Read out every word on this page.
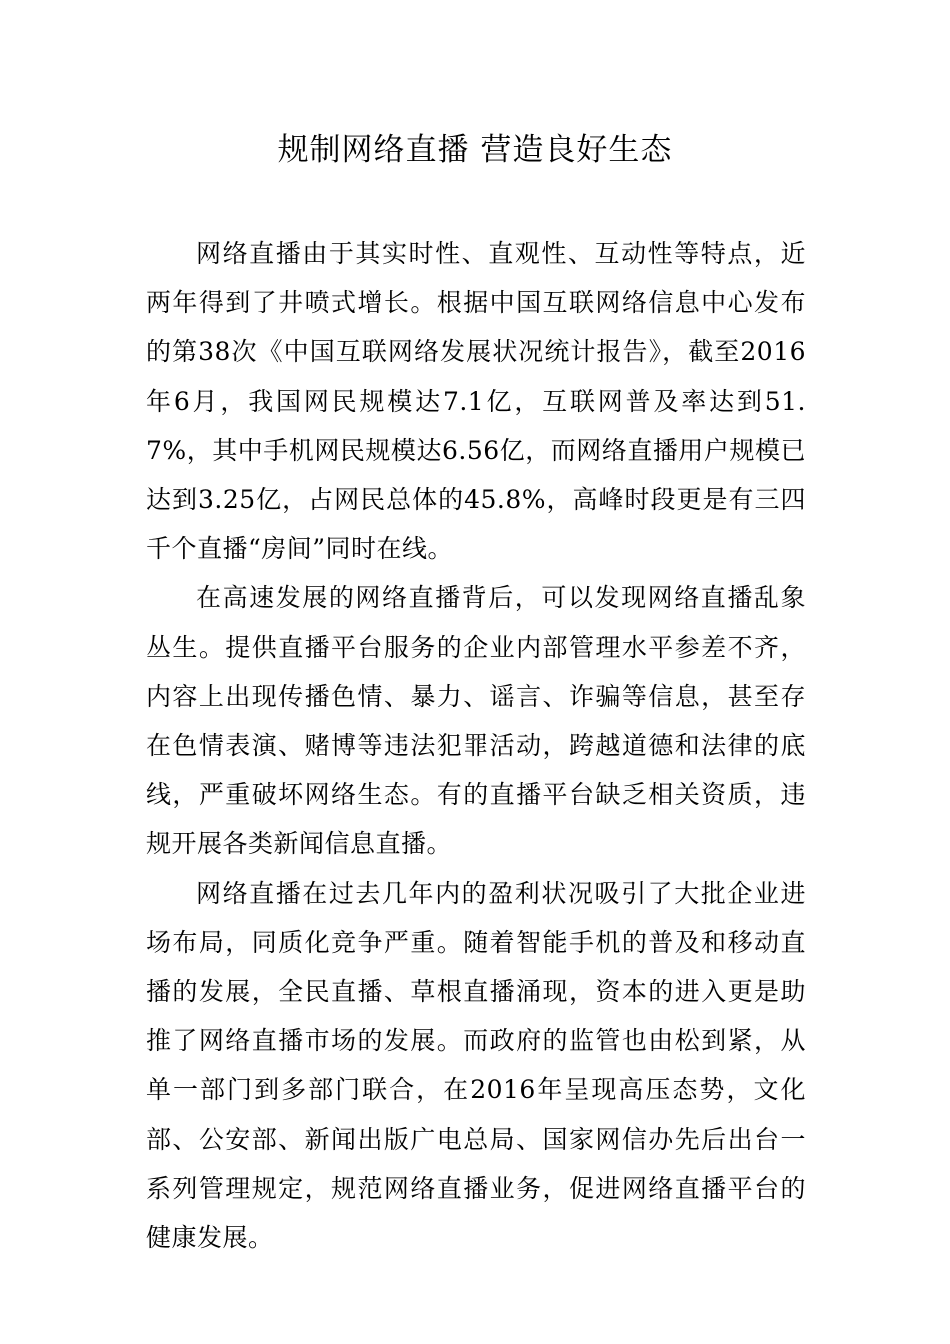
规制网络直播 营造良好生态

网络直播由于其实时性、直观性、互动性等特点，近两年得到了井喷式增长。根据中国互联网络信息中心发布的第38次《中国互联网络发展状况统计报告》，截至2016年6月，我国网民规模达7.1亿，互联网普及率达到51.7%，其中手机网民规模达6.56亿，而网络直播用户规模已达到3.25亿，占网民总体的45.8%，高峰时段更是有三四千个直播“房间”同时在线。

在高速发展的网络直播背后，可以发现网络直播乱象丛生。提供直播平台服务的企业内部管理水平参差不齐，内容上出现传播色情、暴力、谣言、诈骗等信息，甚至存在色情表演、赌博等违法犯罪活动，跨越道德和法律的底线，严重破坏网络生态。有的直播平台缺乏相关资质，违规开展各类新闻信息直播。

网络直播在过去几年内的盈利状况吸引了大批企业进场布局，同质化竞争严重。随着智能手机的普及和移动直播的发展，全民直播、草根直播涌现，资本的进入更是助推了网络直播市场的发展。而政府的监管也由松到紧，从单一部门到多部门联合，在2016年呈现高压态势，文化部、公安部、新闻出版广电总局、国家网信办先后出台一系列管理规定，规范网络直播业务，促进网络直播平台的健康发展。
